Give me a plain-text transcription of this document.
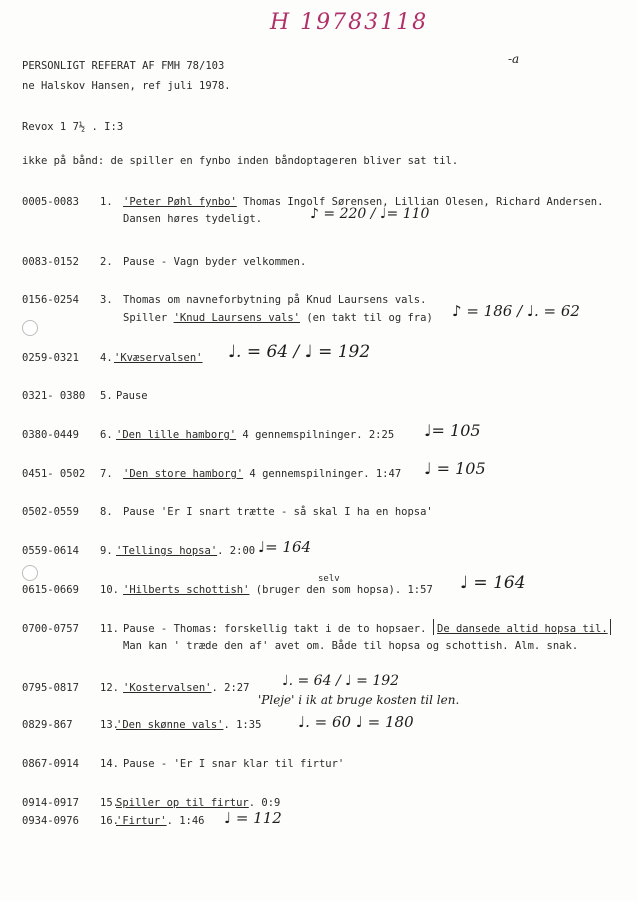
H 19783118
-a
PERSONLIGT REFERAT AF FMH 78/103
ne Halskov Hansen, ref juli 1978.
Revox 1 7½ . I:3
ikke på bånd: de spiller en fynbo inden båndoptageren bliver sat til.
0005-0083 1. 'Peter Pøhl fynbo' Thomas Ingolf Sørensen, Lillian Olesen, Richard Andersen.
Dansen høres tydeligt.	♪ = 220 / ♩= 110
0083-0152 2. Pause - Vagn byder velkommen.
0156-0254 3. Thomas om navneforbytning på Knud Laursens vals.
Spiller 'Knud Laursens vals' (en takt til og fra) ♪ = 186 / ♩. = 62
0259-0321 4. 'Kvæservalsen' ♩. = 64 / ♩ = 192
0321- 0380 5. Pause
0380-0449 6. 'Den lille hamborg' 4 gennemspilninger. 2:25 ♩= 105
0451- 0502 7. 'Den store hamborg' 4 gennemspilninger. 1:47 ♩ = 105
0502-0559 8. Pause 'Er I snart trætte - så skal I ha en hopsa'
0559-0614 9. 'Tellings hopsa'. 2:00 ♩= 164
selv
0615-0669 10. 'Hilberts schottish' (bruger den som hopsa). 1:57 ♩ = 164
0700-0757 11. Pause - Thomas: forskellig takt i de to hopsaer. De dansede altid hopsa til.
Man kan ' træde den af' avet om. Både til hopsa og schottish. Alm. snak.
0795-0817 12. 'Kostervalsen'. 2:27 ♩. = 64 / ♩ = 192
'Pleje' i ik at bruge kosten til len.
0829-867	13.
'Den skønne vals'. 1:35 ♩. = 60 ♩ = 180
0867-0914 14. Pause - 'Er I snar klar til firtur'
0914-0917 15.
Spiller op til firtur. 0:9
0934-0976 16.
'Firtur'. 1:46 ♩ = 112
